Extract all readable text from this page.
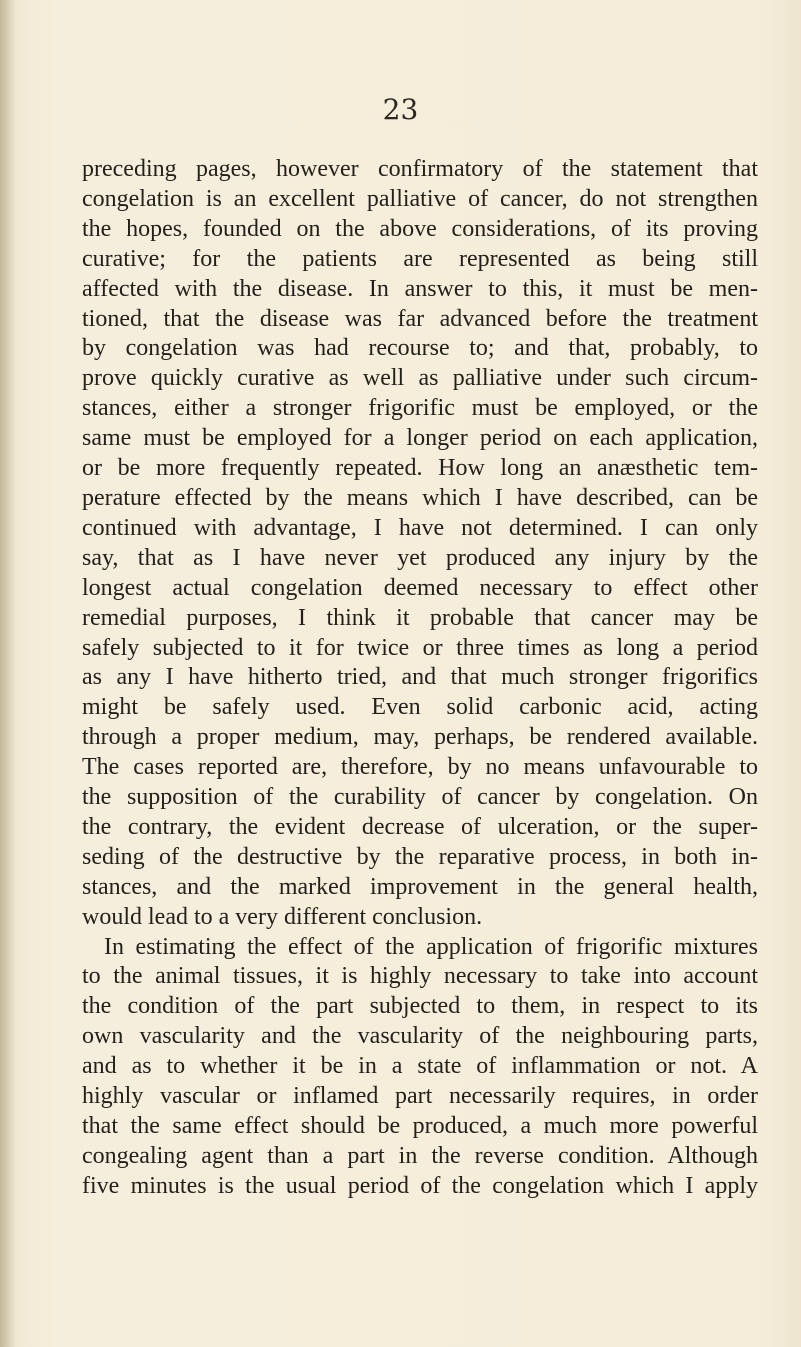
23

preceding pages, however confirmatory of the statement that
congelation is an excellent palliative of cancer, do not strengthen
the hopes, founded on the above considerations, of its proving
curative; for the patients are represented as being still
affected with the disease. In answer to this, it must be men-
tioned, that the disease was far advanced before the treatment
by congelation was had recourse to; and that, probably, to
prove quickly curative as well as palliative under such circum-
stances, either a stronger frigorific must be employed, or the
same must be employed for a longer period on each application,
or be more frequently repeated. How long an anæsthetic tem-
perature effected by the means which I have described, can be
continued with advantage, I have not determined. I can only
say, that as I have never yet produced any injury by the
longest actual congelation deemed necessary to effect other
remedial purposes, I think it probable that cancer may be
safely subjected to it for twice or three times as long a period
as any I have hitherto tried, and that much stronger frigorifics
might be safely used. Even solid carbonic acid, acting
through a proper medium, may, perhaps, be rendered available.
The cases reported are, therefore, by no means unfavourable to
the supposition of the curability of cancer by congelation. On
the contrary, the evident decrease of ulceration, or the super-
seding of the destructive by the reparative process, in both in-
stances, and the marked improvement in the general health,
would lead to a very different conclusion.
In estimating the effect of the application of frigorific mixtures
to the animal tissues, it is highly necessary to take into account
the condition of the part subjected to them, in respect to its
own vascularity and the vascularity of the neighbouring parts,
and as to whether it be in a state of inflammation or not. A
highly vascular or inflamed part necessarily requires, in order
that the same effect should be produced, a much more powerful
congealing agent than a part in the reverse condition. Although
five minutes is the usual period of the congelation which I apply
